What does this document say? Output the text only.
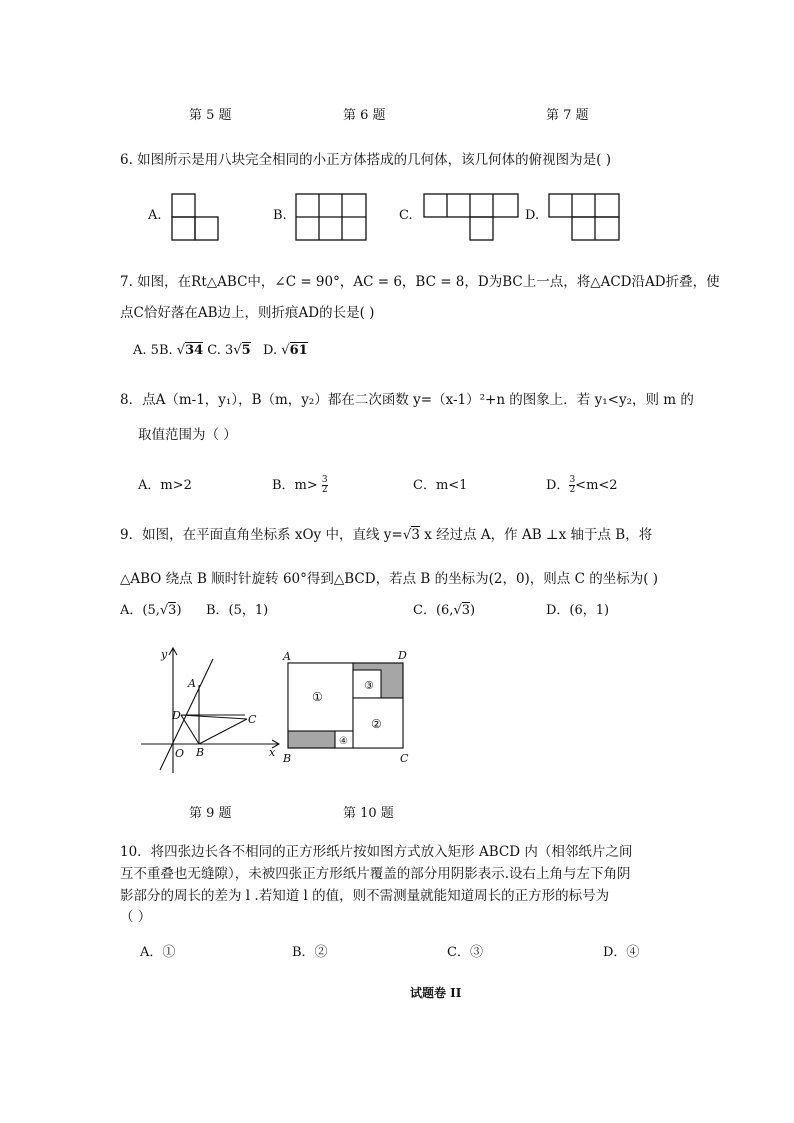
第 5 题	第 6 题	第 7 题
6. 如图所示是用八块完全相同的小正方体搭成的几何体，该几何体的俯视图为是( )
A.	B.	C.	D.
7. 如图，在Rt△ABC中，∠C = 90°，AC = 6，BC = 8，D为BC上一点，将△ACD沿AD折叠，使
点C恰好落在AB边上，则折痕AD的长是( )
A. 5B. √34 C. 3√5   D. √61
8．点A（m-1，y₁），B（m，y₂）都在二次函数 y=（x-1）²+n 的图象上．若 y₁<y₂，则 m 的
取值范围为（ ）
A．m>2	B．$m> \frac{3}{2}$	C．m<1	D． $\frac{3}{2} <m<2$
9．如图，在平面直角坐标系 xOy 中，直线 y=√3 x 经过点 A，作 AB ⊥x 轴于点 B，将
△ABO 绕点 B 顺时针旋转 60°得到△BCD，若点 B 的坐标为(2，0)，则点 C 的坐标为( )
A．(5,√3) B．(5，1)	C．(6,√3)	D．(6，1)
y
x
O
A
B
C
D
A	D
B	C
①
③
②
④
第 9 题	第 10 题
10．将四张边长各不相同的正方形纸片按如图方式放入矩形 ABCD 内（相邻纸片之间
互不重叠也无缝隙），未被四张正方形纸片覆盖的部分用阴影表示.设右上角与左下角阴
影部分的周长的差为 l .若知道 l 的值，则不需测量就能知道周长的正方形的标号为
（ ）
A．①	B．②	C．③	D．④
试题卷 II
